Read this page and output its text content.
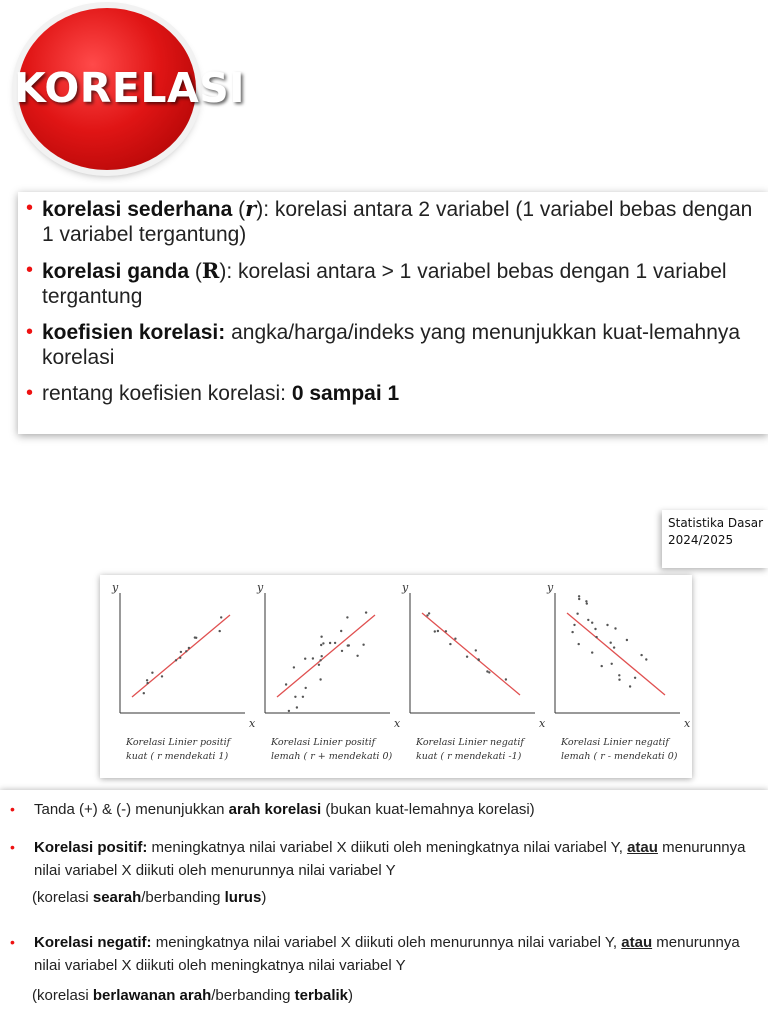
KORELASI
• korelasi sederhana (r): korelasi antara 2 variabel (1 variabel bebas dengan 1 variabel tergantung)
• korelasi ganda (R): korelasi antara > 1 variabel bebas dengan 1 variabel tergantung
• koefisien korelasi: angka/harga/indeks yang menunjukkan kuat-lemahnya korelasi
• rentang koefisien korelasi: 0 sampai 1
Statistika Dasar
2024/2025
y
x
Korelasi Linier positif
kuat ( r mendekati 1)
y
x
Korelasi Linier positif
lemah ( r + mendekati 0)
y
x
Korelasi Linier negatif
kuat ( r mendekati -1)
y
x
Korelasi Linier negatif
lemah ( r - mendekati 0)
• Tanda (+) & (-) menunjukkan arah korelasi (bukan kuat-lemahnya korelasi)
• Korelasi positif: meningkatnya nilai variabel X diikuti oleh meningkatnya nilai variabel Y, atau menurunnya nilai variabel X diikuti oleh menurunnya nilai variabel Y
(korelasi searah/berbanding lurus)
• Korelasi negatif: meningkatnya nilai variabel X diikuti oleh menurunnya nilai variabel Y, atau menurunnya nilai variabel X diikuti oleh meningkatnya nilai variabel Y
(korelasi berlawanan arah/berbanding terbalik)
